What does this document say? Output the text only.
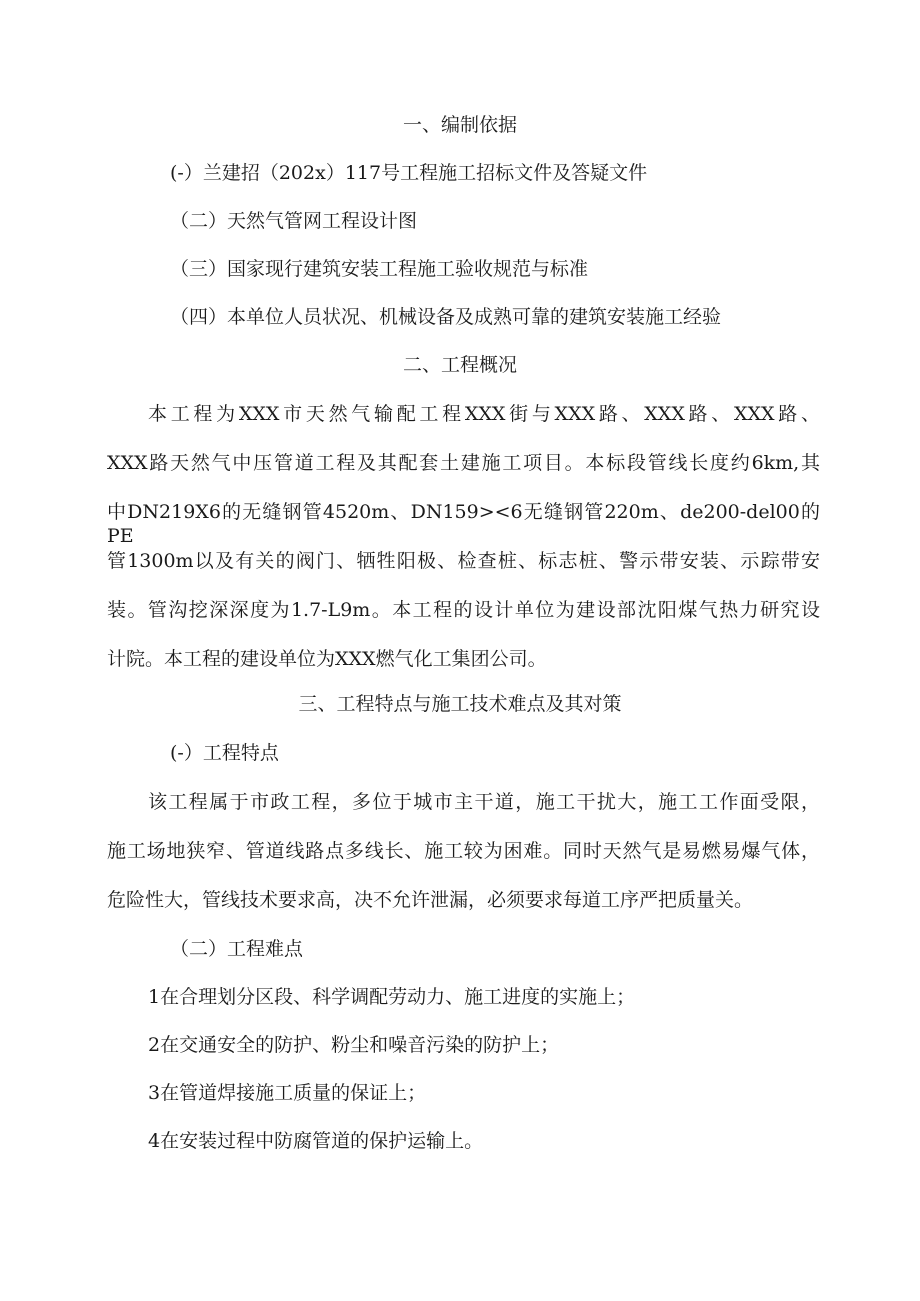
一、编制依据
(-）兰建招（202x）117号工程施工招标文件及答疑文件
（二）天然气管网工程设计图
（三）国家现行建筑安装工程施工验收规范与标准
（四）本单位人员状况、机械设备及成熟可靠的建筑安装施工经验
二、工程概况
本工程为XXX市天然气输配工程XXX街与XXX路、XXX路、XXX路、
XXX路天然气中压管道工程及其配套土建施工项目。本标段管线长度约6km,其
中DN219X6的无缝钢管4520m、DN159><6无缝钢管220m、de200-del00的PE
管1300m以及有关的阀门、牺牲阳极、检查桩、标志桩、警示带安装、示踪带安
装。管沟挖深深度为1.7-L9m。本工程的设计单位为建设部沈阳煤气热力研究设
计院。本工程的建设单位为XXX燃气化工集团公司。
三、工程特点与施工技术难点及其对策
(-）工程特点
该工程属于市政工程，多位于城市主干道，施工干扰大，施工工作面受限，
施工场地狭窄、管道线路点多线长、施工较为困难。同时天然气是易燃易爆气体，
危险性大，管线技术要求高，决不允许泄漏，必须要求每道工序严把质量关。
（二）工程难点
1在合理划分区段、科学调配劳动力、施工进度的实施上；
2在交通安全的防护、粉尘和噪音污染的防护上；
3在管道焊接施工质量的保证上；
4在安装过程中防腐管道的保护运输上。
